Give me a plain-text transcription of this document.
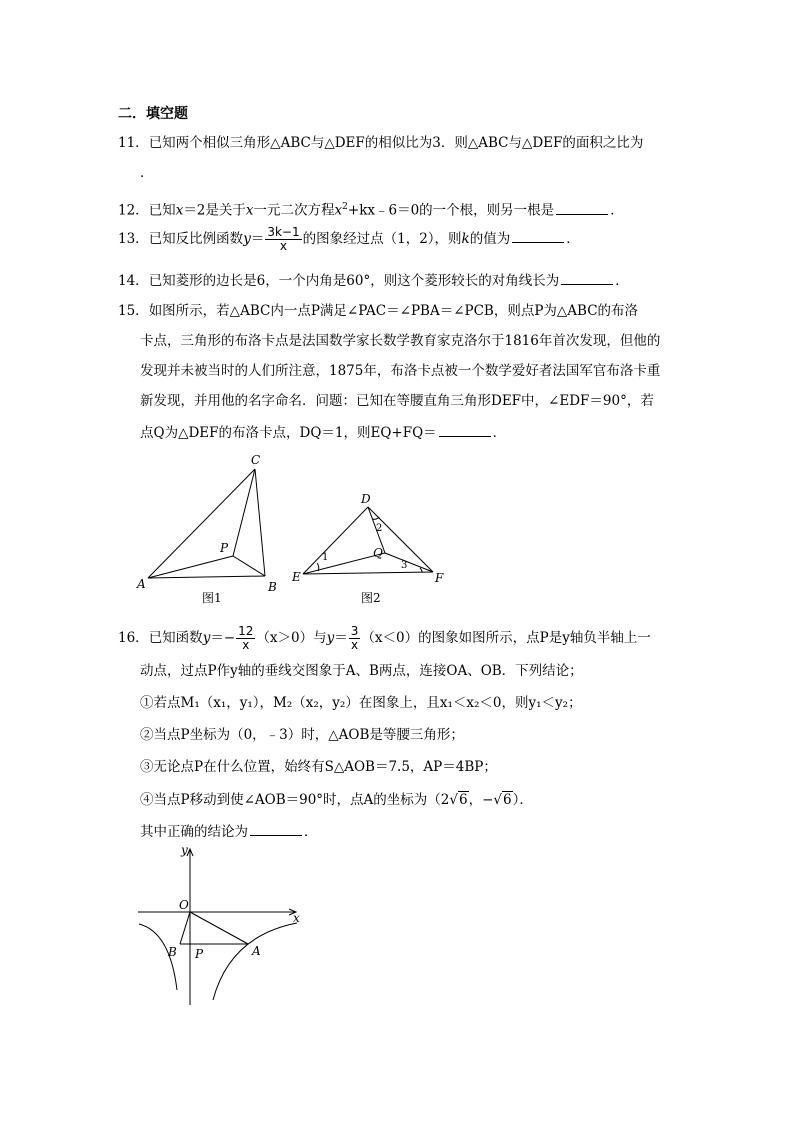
二．填空题
11．已知两个相似三角形△ABC与△DEF的相似比为3．则△ABC与△DEF的面积之比为
．
12．已知x＝2是关于x一元二次方程$x^2+kx﹣6=0$的一个根，则另一根是	．
13．已知反比例函数$y= \frac{3k-1}{x}$ 的图象经过点（1，2），则k的值为	．
14．已知菱形的边长是6，一个内角是60°，则这个菱形较长的对角线长为	．
15．如图所示，若△ABC内一点P满足∠PAC＝∠PBA＝∠PCB，则点P为△ABC的布洛
卡点，三角形的布洛卡点是法国数学家长数学教育家克洛尔于1816年首次发现，但他的
发现并未被当时的人们所注意，1875年，布洛卡点被一个数学爱好者法国军官布洛卡重
新发现，并用他的名字命名．问题：已知在等腰直角三角形DEF中，∠EDF＝90°，若
点Q为△DEF的布洛卡点，DQ＝1，则EQ+FQ＝	．
A	B
C
P
图1
D
E	F
Q
1
2
3
图2
16．已知函数$y=- \frac{12}{x} (x>0)$与$y= \frac{3}{x} (x<0)$的图象如图所示，点P是y轴负半轴上一
动点，过点P作y轴的垂线交图象于A、B两点，连接OA、OB．下列结论；
①若点M₁（x₁，y₁），M₂（x₂，y₂）在图象上，且x₁＜x₂＜0，则y₁＜y₂；
②当点P坐标为（0，﹣3）时，△AOB是等腰三角形；
③无论点P在什么位置，始终有S△AOB＝7.5，AP＝4BP；
④当点P移动到使∠AOB＝90°时，点A的坐标为（2√6，−√6）．
其中正确的结论为	．
y
x
O
B P	A
